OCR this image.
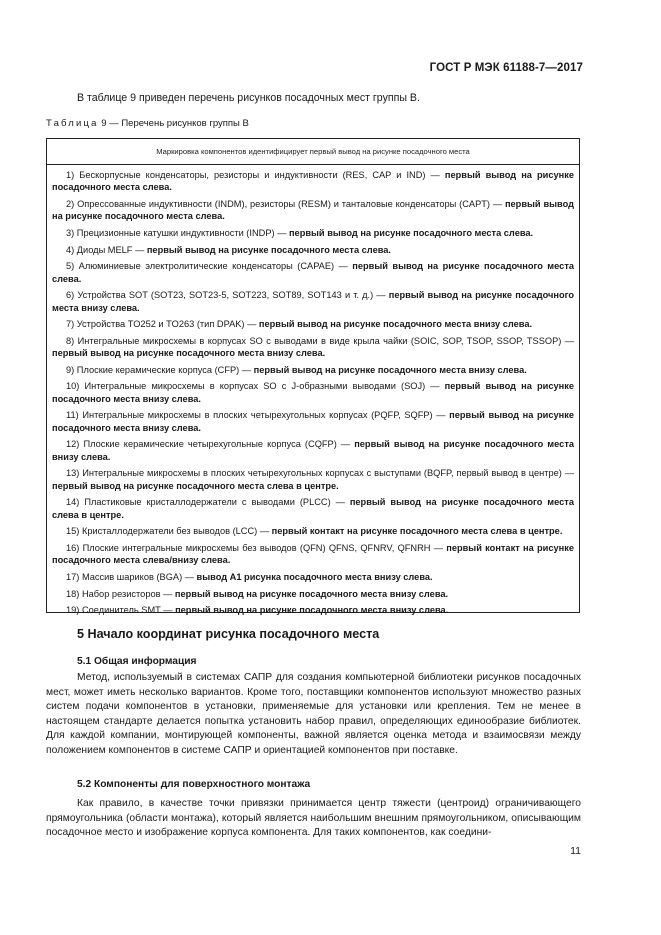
ГОСТ Р МЭК 61188-7—2017
В таблице 9 приведен перечень рисунков посадочных мест группы В.
Таблица 9 — Перечень рисунков группы В
Маркировка компонентов идентифицирует первый вывод на рисунке посадочного места
1) Бескорпусные конденсаторы, резисторы и индуктивности (RES, CAP и IND) — первый вывод на рисунке посадочного места слева.
2) Опрессованные индуктивности (INDM), резисторы (RESM) и танталовые конденсаторы (CAPT) — первый вывод на рисунке посадочного места слева.
3) Прецизионные катушки индуктивности (INDP) — первый вывод на рисунке посадочного места слева.
4) Диоды MELF — первый вывод на рисунке посадочного места слева.
5) Алюминиевые электролитические конденсаторы (CAPAE) — первый вывод на рисунке посадочного места слева.
6) Устройства SOT (SOT23, SOT23-5, SOT223, SOT89, SOT143 и т. д.) — первый вывод на рисунке посадочного места внизу слева.
7) Устройства TO252 и TO263 (тип DPAK) — первый вывод на рисунке посадочного места внизу слева.
8) Интегральные микросхемы в корпусах SO с выводами в виде крыла чайки (SOIC, SOP, TSOP, SSOP, TSSOP) — первый вывод на рисунке посадочного места внизу слева.
9) Плоские керамические корпуса (CFP) — первый вывод на рисунке посадочного места внизу слева.
10) Интегральные микросхемы в корпусах SO с J-образными выводами (SOJ) — первый вывод на рисунке посадочного места внизу слева.
11) Интегральные микросхемы в плоских четырехугольных корпусах (PQFP, SQFP) — первый вывод на рисунке посадочного места внизу слева.
12) Плоские керамические четырехугольные корпуса (CQFP) — первый вывод на рисунке посадочного места внизу слева.
13) Интегральные микросхемы в плоских четырехугольных корпусах с выступами (BQFP, первый вывод в центре) — первый вывод на рисунке посадочного места слева в центре.
14) Пластиковые кристаллодержатели с выводами (PLCC) — первый вывод на рисунке посадочного места слева в центре.
15) Кристаллодержатели без выводов (LCC) — первый контакт на рисунке посадочного места слева в центре.
16) Плоские интегральные микросхемы без выводов (QFN) QFNS, QFNRV, QFNRH — первый контакт на рисунке посадочного места слева/внизу слева.
17) Массив шариков (BGA) — вывод A1 рисунка посадочного места внизу слева.
18) Набор резисторов — первый вывод на рисунке посадочного места внизу слева.
19) Соединитель SMT — первый вывод на рисунке посадочного места внизу слева.
5 Начало координат рисунка посадочного места
5.1 Общая информация

Метод, используемый в системах САПР для создания компьютерной библиотеки рисунков посадочных мест, может иметь несколько вариантов. Кроме того, поставщики компонентов используют множество разных систем подачи компонентов в установки, применяемые для установки или крепления. Тем не менее в настоящем стандарте делается попытка установить набор правил, определяющих единообразие библиотек. Для каждой компании, монтирующей компоненты, важной является оценка метода и взаимосвязи между положением компонентов в системе САПР и ориентацией компонентов при поставке.

5.2 Компоненты для поверхностного монтажа

Как правило, в качестве точки привязки принимается центр тяжести (центроид) ограничивающего прямоугольника (области монтажа), который является наибольшим внешним прямоугольником, описывающим посадочное место и изображение корпуса компонента. Для таких компонентов, как соедини-

11
